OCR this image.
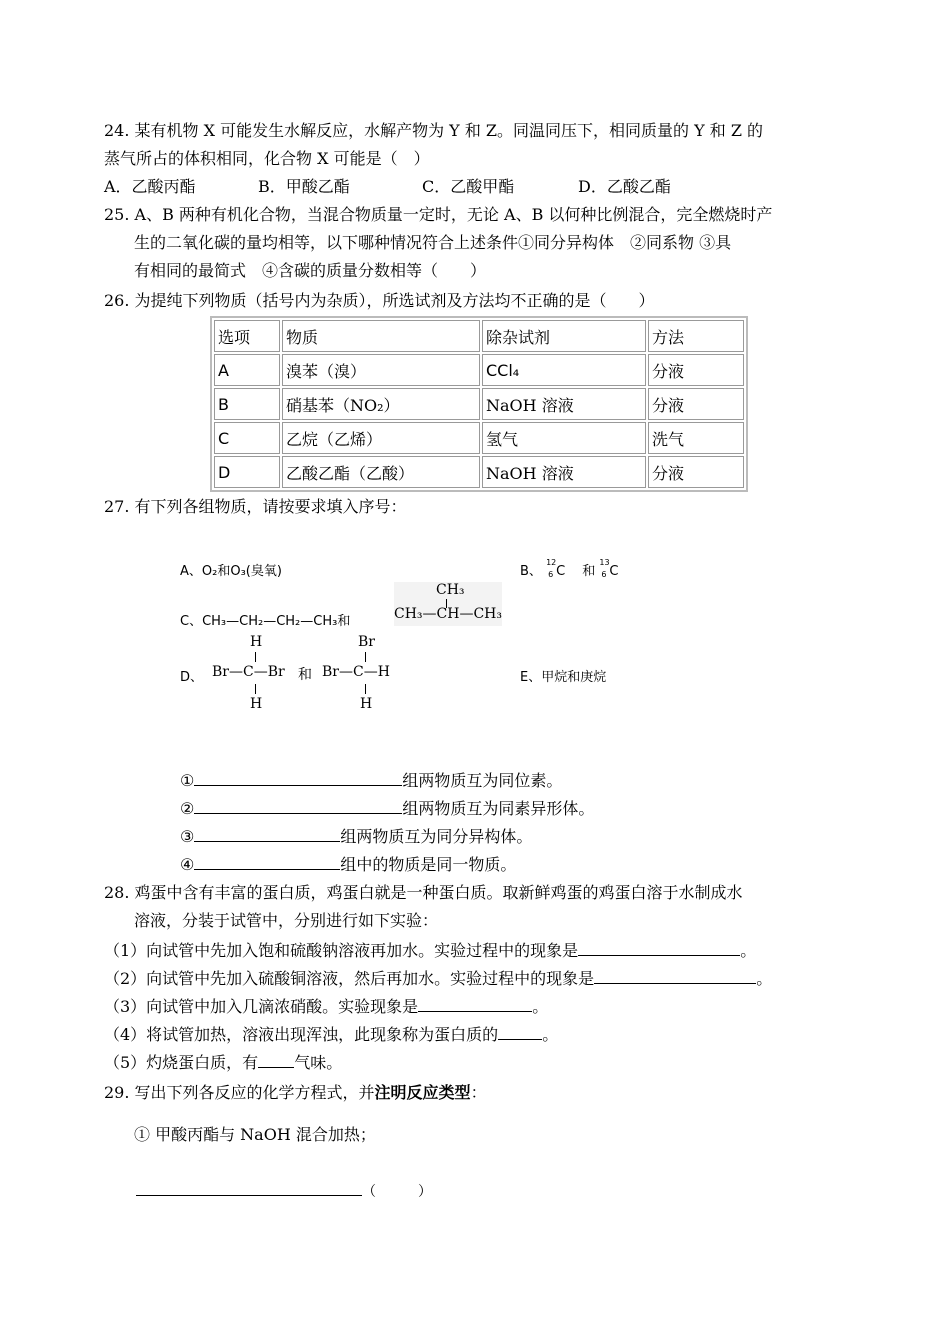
24. 某有机物 X 可能发生水解反应，水解产物为 Y 和 Z。同温同压下，相同质量的 Y 和 Z 的
蒸气所占的体积相同，化合物 X 可能是（　）
A．乙酸丙酯	B．甲酸乙酯	C．乙酸甲酯	D．乙酸乙酯
25. A、B 两种有机化合物，当混合物质量一定时，无论 A、B 以何种比例混合，完全燃烧时产
生的二氧化碳的量均相等，以下哪种情况符合上述条件①同分异构体　②同系物 ③具
有相同的最简式　④含碳的质量分数相等（　　）
26. 为提纯下列物质（括号内为杂质），所选试剂及方法均不正确的是（　　）
选项	物质	除杂试剂	方法
A	溴苯（溴）	CCl₄	分液
B	硝基苯（NO₂）	NaOH 溶液	分液
C	乙烷（乙烯）	氢气	洗气
D	乙酸乙酯（乙酸）	NaOH 溶液	分液
27. 有下列各组物质，请按要求填入序号：
A、O₂和O₃(臭氧)	B、
12
6 C 和
13
6 C
C、CH₃—CH₂—CH₂—CH₃和
CH₃
CH₃—CH—CH₃
D、
H
Br—C—Br
H
和
Br
Br—C—H
H
E、甲烷和庚烷
①	组两物质互为同位素。
②	组两物质互为同素异形体。
③	组两物质互为同分异构体。
④	组中的物质是同一物质。
28. 鸡蛋中含有丰富的蛋白质，鸡蛋白就是一种蛋白质。取新鲜鸡蛋的鸡蛋白溶于水制成水
溶液，分装于试管中，分别进行如下实验：
（1）向试管中先加入饱和硫酸钠溶液再加水。实验过程中的现象是	。
（2）向试管中先加入硫酸铜溶液，然后再加水。实验过程中的现象是	。
（3）向试管中加入几滴浓硝酸。实验现象是	。
（4）将试管加热，溶液出现浑浊，此现象称为蛋白质的	。
（5）灼烧蛋白质，有 气味。
29. 写出下列各反应的化学方程式，并注明反应类型：
① 甲酸丙酯与 NaOH 混合加热；
（　　　）
